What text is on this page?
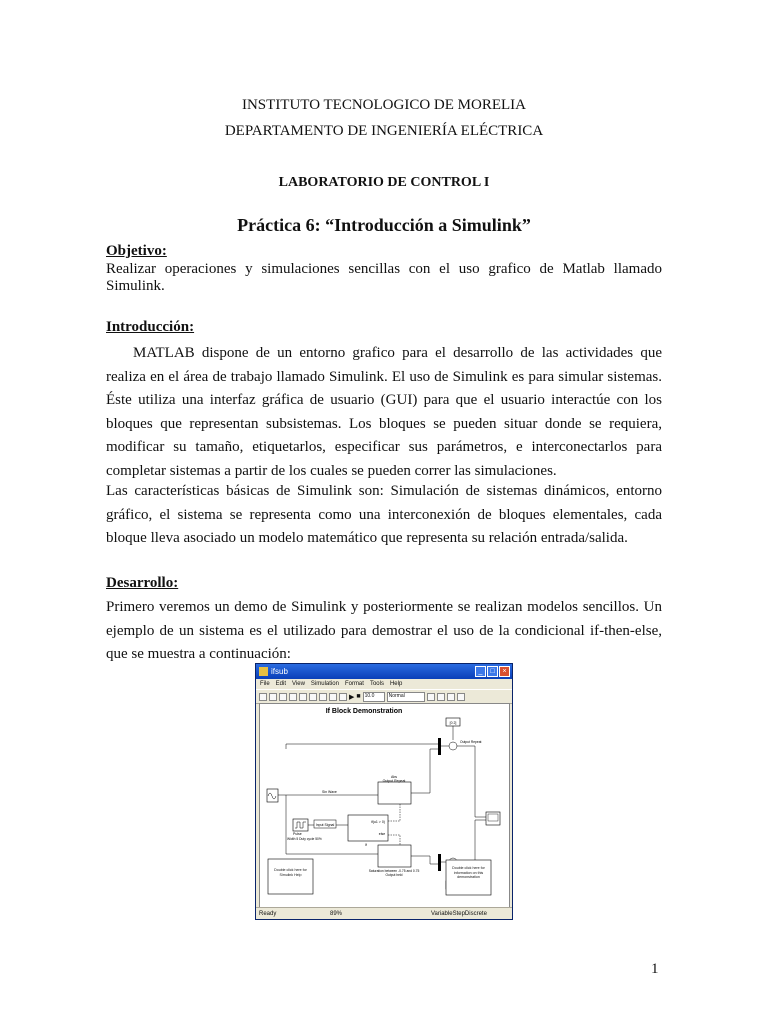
INSTITUTO TECNOLOGICO DE MORELIA
DEPARTAMENTO DE INGENIERÍA ELÉCTRICA
LABORATORIO DE CONTROL I
Práctica 6: “Introducción a Simulink”
Objetivo:
Realizar operaciones y simulaciones sencillas con el uso grafico de Matlab llamado Simulink.
Introducción:
MATLAB dispone de un entorno grafico para el desarrollo de las actividades que realiza en el área de trabajo llamado Simulink. El uso de Simulink es para simular sistemas. Éste utiliza una interfaz gráfica de usuario (GUI) para que el usuario interactúe con los bloques que representan subsistemas. Los bloques se pueden situar donde se requiera, modificar su tamaño, etiquetarlos, especificar sus parámetros, e interconectarlos para completar sistemas a partir de los cuales se pueden correr las simulaciones.
Las características básicas de Simulink son: Simulación de sistemas dinámicos, entorno gráfico, el sistema se representa como una interconexión de bloques elementales, cada bloque lleva asociado un modelo matemático que representa su relación entrada/salida.
Desarrollo:
Primero veremos un demo de Simulink y posteriormente se realizan modelos sencillos. Un ejemplo de un sistema es el utilizado para demostrar el uso de la condicional if-then-else, que se muestra a continuación:
ifsub	_	□	×
File Edit View Simulation Format Tools Help
▶ ■ 10.0	Normal
If Block Demonstration
[0 2]
Sin Wave
Abs
Output Repeat
Pulse
Width 5 Duty cycle 50%
Input Signal
if(u1 > 0)
else
If
Saturation between -0.75 and 0.75
Output held
Output Repeat
Double click here for Simulink Help
Double click here for information on this demonstration
Ready	89%	VariableStepDiscrete
1
